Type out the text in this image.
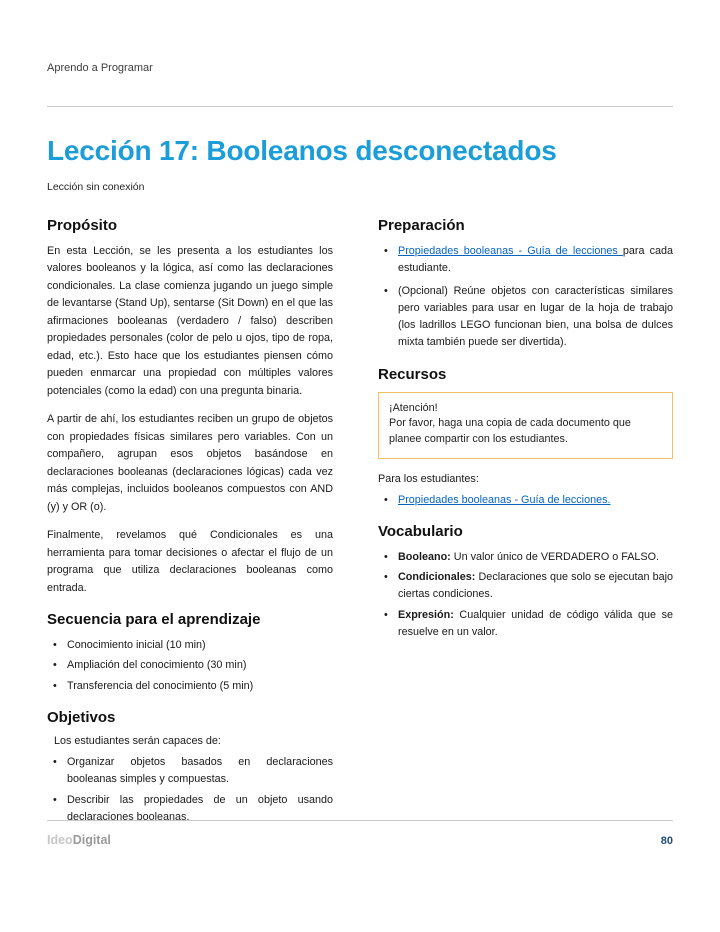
Aprendo a Programar
Lección 17: Booleanos desconectados
Lección sin conexión
Propósito

En esta Lección, se les presenta a los estudiantes los valores booleanos y la lógica, así como las declaraciones condicionales. La clase comienza jugando un juego simple de levantarse (Stand Up), sentarse (Sit Down) en el que las afirmaciones booleanas (verdadero / falso) describen propiedades personales (color de pelo u ojos, tipo de ropa, edad, etc.). Esto hace que los estudiantes piensen cómo pueden enmarcar una propiedad con múltiples valores potenciales (como la edad) con una pregunta binaria.

A partir de ahí, los estudiantes reciben un grupo de objetos con propiedades físicas similares pero variables. Con un compañero, agrupan esos objetos basándose en declaraciones booleanas (declaraciones lógicas) cada vez más complejas, incluidos booleanos compuestos con AND (y) y OR (o).

Finalmente, revelamos qué Condicionales es una herramienta para tomar decisiones o afectar el flujo de un programa que utiliza declaraciones booleanas como entrada.

Secuencia para el aprendizaje
• Conocimiento inicial (10 min)
• Ampliación del conocimiento (30 min)
• Transferencia del conocimiento (5 min)
Objetivos
Los estudiantes serán capaces de:
• Organizar objetos basados en declaraciones booleanas simples y compuestas.
• Describir las propiedades de un objeto usando declaraciones booleanas.
Preparación
• Propiedades booleanas - Guía de lecciones para cada estudiante.
• (Opcional) Reúne objetos con características similares pero variables para usar en lugar de la hoja de trabajo (los ladrillos LEGO funcionan bien, una bolsa de dulces mixta también puede ser divertida).
Recursos
¡Atención!
Por favor, haga una copia de cada documento que planee compartir con los estudiantes.
Para los estudiantes:
• Propiedades booleanas - Guía de lecciones.
Vocabulario
• Booleano: Un valor único de VERDADERO o FALSO.
• Condicionales: Declaraciones que solo se ejecutan bajo ciertas condiciones.
• Expresión: Cualquier unidad de código válida que se resuelve en un valor.
IdeoDigital	80
